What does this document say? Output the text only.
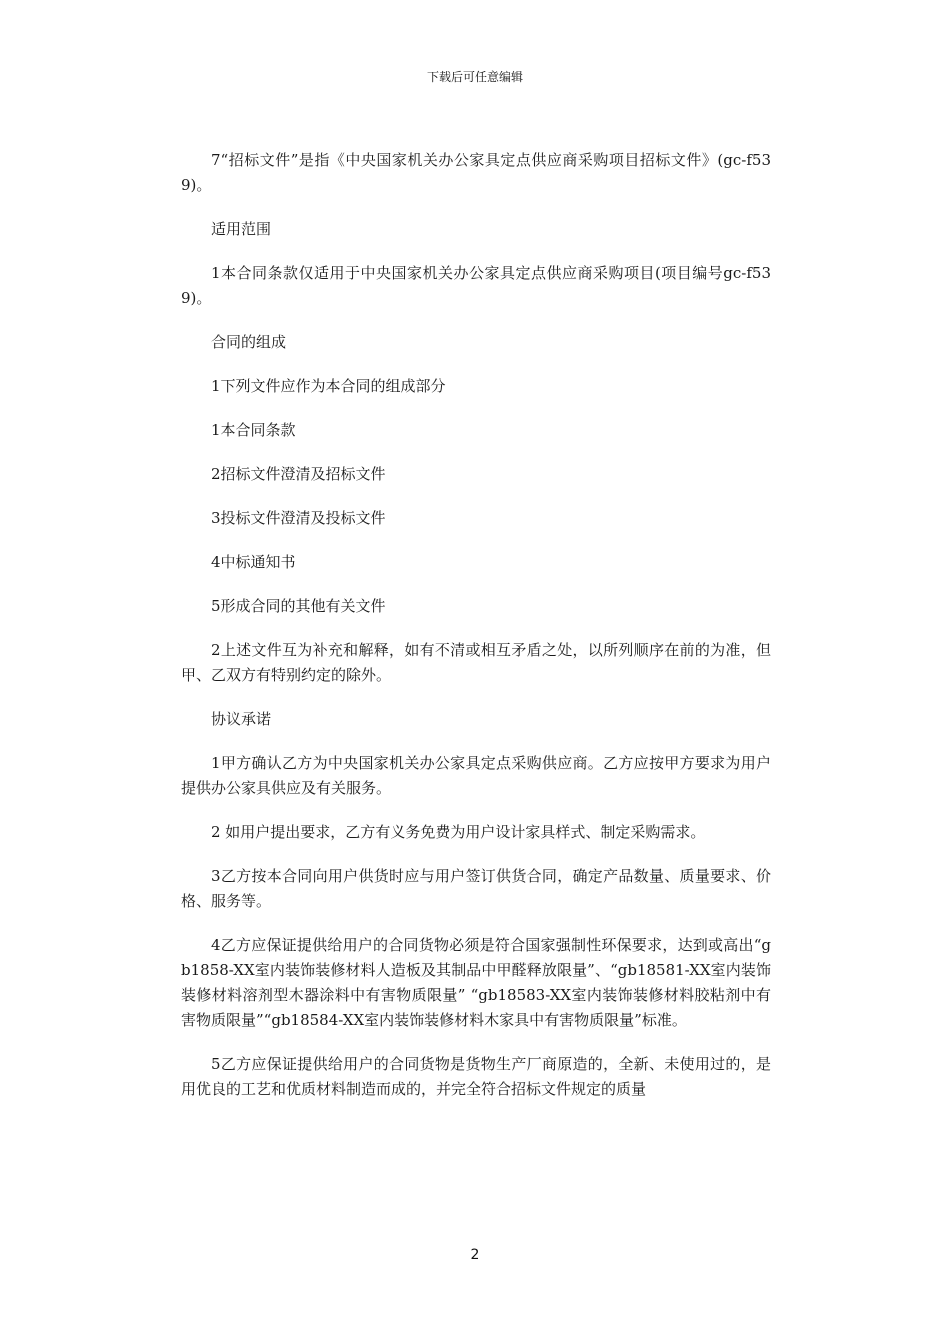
下载后可任意编辑

7“招标文件”是指《中央国家机关办公家具定点供应商采购项目招标文件》(gc-f539)。

适用范围

1本合同条款仅适用于中央国家机关办公家具定点供应商采购项目(项目编号gc-f539)。

合同的组成

1下列文件应作为本合同的组成部分

1本合同条款

2招标文件澄清及招标文件

3投标文件澄清及投标文件

4中标通知书

5形成合同的其他有关文件

2上述文件互为补充和解释，如有不清或相互矛盾之处，以所列顺序在前的为准，但甲、乙双方有特别约定的除外。

协议承诺

1甲方确认乙方为中央国家机关办公家具定点采购供应商。乙方应按甲方要求为用户提供办公家具供应及有关服务。

2 如用户提出要求，乙方有义务免费为用户设计家具样式、制定采购需求。

3乙方按本合同向用户供货时应与用户签订供货合同，确定产品数量、质量要求、价格、服务等。

4乙方应保证提供给用户的合同货物必须是符合国家强制性环保要求，达到或高出“gb1858-XX室内装饰装修材料人造板及其制品中甲醛释放限量”、“gb18581-XX室内装饰装修材料溶剂型木器涂料中有害物质限量” “gb18583-XX室内装饰装修材料胶粘剂中有害物质限量”“gb18584-XX室内装饰装修材料木家具中有害物质限量”标准。

5乙方应保证提供给用户的合同货物是货物生产厂商原造的，全新、未使用过的，是用优良的工艺和优质材料制造而成的，并完全符合招标文件规定的质量

2
